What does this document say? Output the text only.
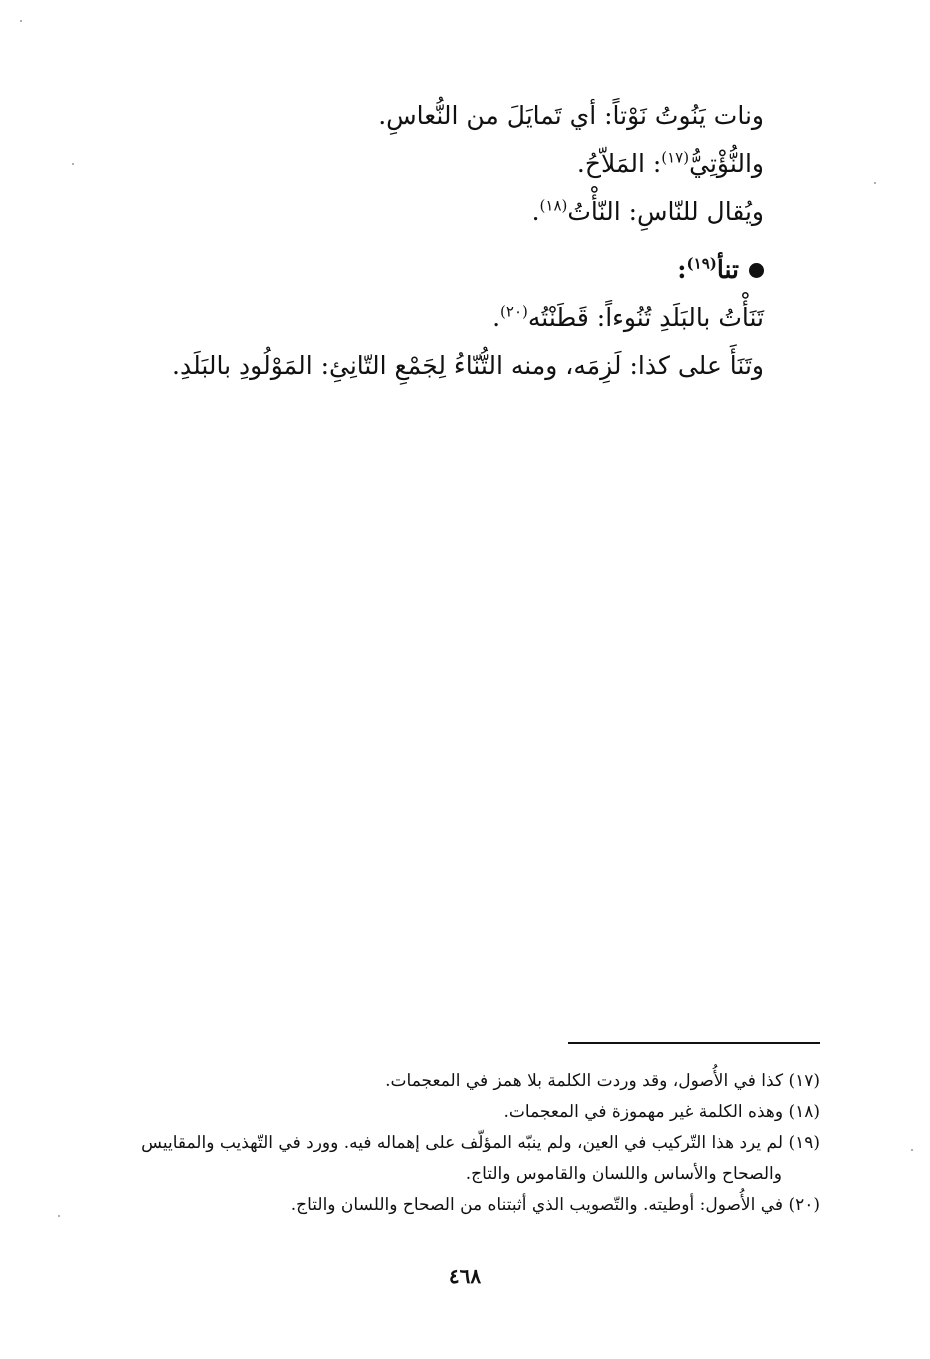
ونات يَنُوتُ نَوْتاً: أي تَمايَلَ من النُّعاسِ.
والنُّؤْتِيُّ$^{(١٧)}$: المَلاّحُ.
ويُقال للنّاسِ: النّأْتُ$^{(١٨)}$.
تنأ$^{(١٩)}$:
تَنَأْتُ بالبَلَدِ تُنُوءاً: قَطَنْتُه$^{(٢٠)}$.
وتَنَأَ على كذا: لَزِمَه، ومنه التُّنّاءُ لِجَمْعِ التّانِئِ: المَوْلُودِ بالبَلَدِ.
(١٧) كذا في الأُصول، وقد وردت الكلمة بلا همز في المعجمات.
(١٨) وهذه الكلمة غير مهموزة في المعجمات.
(١٩) لم يرد هذا التّركيب في العين، ولم ينبّه المؤلّف على إهماله فيه. وورد في التّهذيب والمقاييس
والصحاح والأساس واللسان والقاموس والتاج.
(٢٠) في الأُصول: أوطيته. والتّصويب الذي أثبتناه من الصحاح واللسان والتاج.
٤٦٨
